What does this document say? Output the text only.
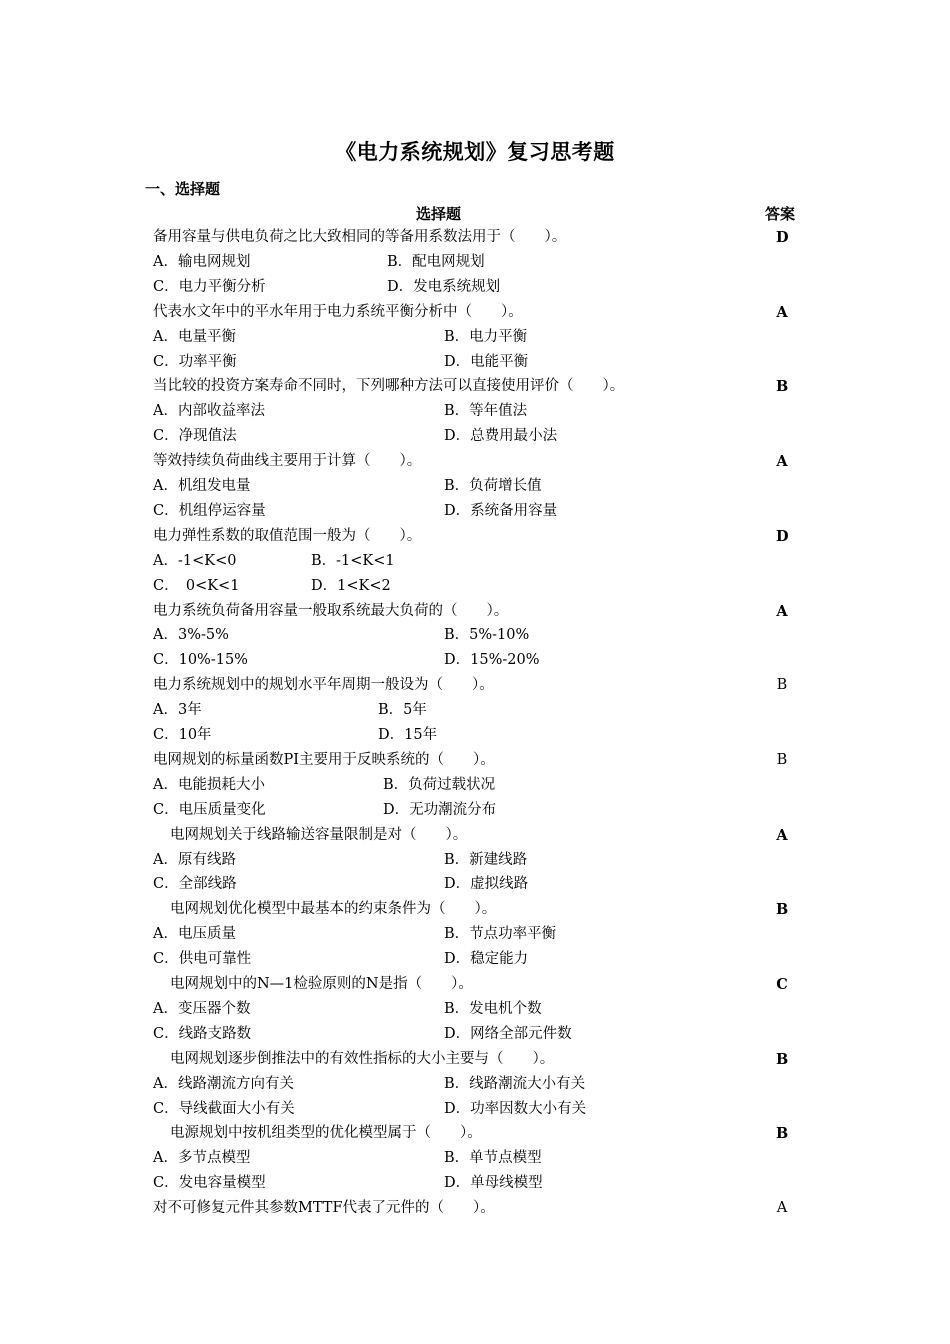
《电力系统规划》复习思考题
一、选择题
选择题	答案
备用容量与供电负荷之比大致相同的等备用系数法用于（　　）。	D
A．输电网规划	B．配电网规划
C．电力平衡分析	D．发电系统规划
代表水文年中的平水年用于电力系统平衡分析中（　　）。	A
A．电量平衡	B．电力平衡
C．功率平衡	D．电能平衡
当比较的投资方案寿命不同时，下列哪种方法可以直接使用评价（　　）。	B
A．内部收益率法	B．等年值法
C．净现值法	D．总费用最小法
等效持续负荷曲线主要用于计算（　　）。	A
A．机组发电量	B．负荷增长值
C．机组停运容量	D．系统备用容量
电力弹性系数的取值范围一般为（　　）。	D
A．-1<K<0	B．-1<K<1
C．　0<K<1	D．1<K<2
电力系统负荷备用容量一般取系统最大负荷的（　　）。	A
A．3%-5%	B．5%-10%
C．10%-15%	D．15%-20%
电力系统规划中的规划水平年周期一般设为（　　）。	B
A．3年	B．5年
C．10年	D．15年
电网规划的标量函数PI主要用于反映系统的（　　）。	B
A．电能损耗大小	B．负荷过载状况
C．电压质量变化	D．无功潮流分布
电网规划关于线路输送容量限制是对（　　）。	A
A．原有线路	B．新建线路
C．全部线路	D．虚拟线路
电网规划优化模型中最基本的约束条件为（　　）。	B
A．电压质量	B．节点功率平衡
C．供电可靠性	D．稳定能力
电网规划中的N—1检验原则的N是指（　　）。	C
A．变压器个数	B．发电机个数
C．线路支路数	D．网络全部元件数
电网规划逐步倒推法中的有效性指标的大小主要与（　　）。	B
A．线路潮流方向有关	B．线路潮流大小有关
C．导线截面大小有关	D．功率因数大小有关
电源规划中按机组类型的优化模型属于（　　）。	B
A．多节点模型	B．单节点模型
C．发电容量模型	D．单母线模型
对不可修复元件其参数MTTF代表了元件的（　　）。	A
